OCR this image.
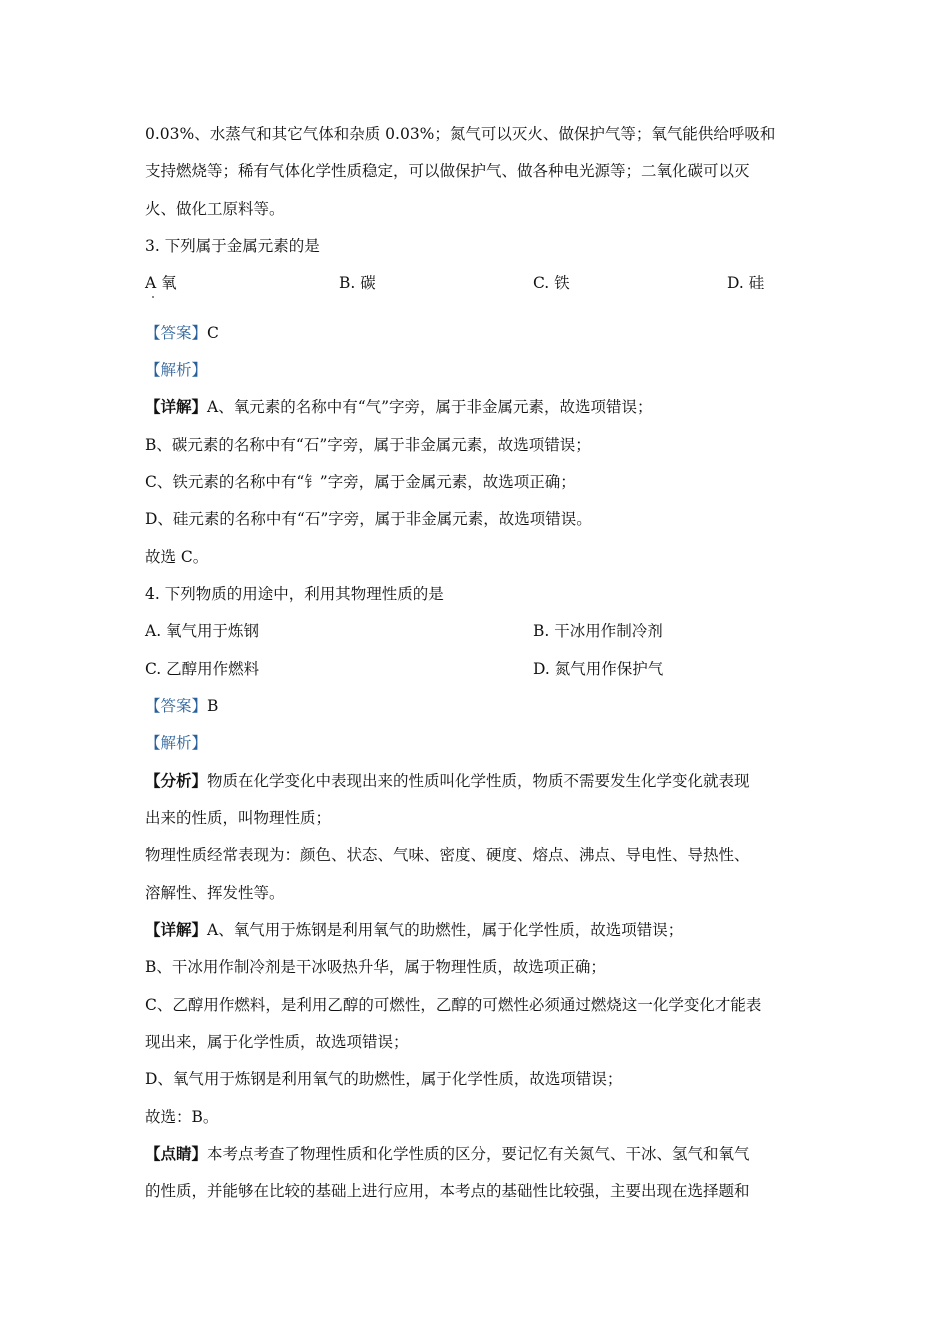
0.03%、水蒸气和其它气体和杂质 0.03%；氮气可以灭火、做保护气等；氧气能供给呼吸和
支持燃烧等；稀有气体化学性质稳定，可以做保护气、做各种电光源等；二氧化碳可以灭
火、做化工原料等。
3. 下列属于金属元素的是
A 氧	B. 碳	C. 铁	D. 硅
【答案】C
【解析】
【详解】A、氧元素的名称中有“气”字旁，属于非金属元素，故选项错误；
B、碳元素的名称中有“石”字旁，属于非金属元素，故选项错误；
C、铁元素的名称中有“钅”字旁，属于金属元素，故选项正确；
D、硅元素的名称中有“石”字旁，属于非金属元素，故选项错误。
故选 C。
4. 下列物质的用途中，利用其物理性质的是
A. 氧气用于炼钢	B. 干冰用作制冷剂
C. 乙醇用作燃料	D. 氮气用作保护气
【答案】B
【解析】
【分析】物质在化学变化中表现出来的性质叫化学性质，物质不需要发生化学变化就表现
出来的性质，叫物理性质；
物理性质经常表现为：颜色、状态、气味、密度、硬度、熔点、沸点、导电性、导热性、
溶解性、挥发性等。
【详解】A、氧气用于炼钢是利用氧气的助燃性，属于化学性质，故选项错误；
B、干冰用作制冷剂是干冰吸热升华，属于物理性质，故选项正确；
C、乙醇用作燃料，是利用乙醇的可燃性，乙醇的可燃性必须通过燃烧这一化学变化才能表
现出来，属于化学性质，故选项错误；
D、氧气用于炼钢是利用氧气的助燃性，属于化学性质，故选项错误；
故选：B。
【点睛】本考点考查了物理性质和化学性质的区分，要记忆有关氮气、干冰、氢气和氧气
的性质，并能够在比较的基础上进行应用，本考点的基础性比较强，主要出现在选择题和
